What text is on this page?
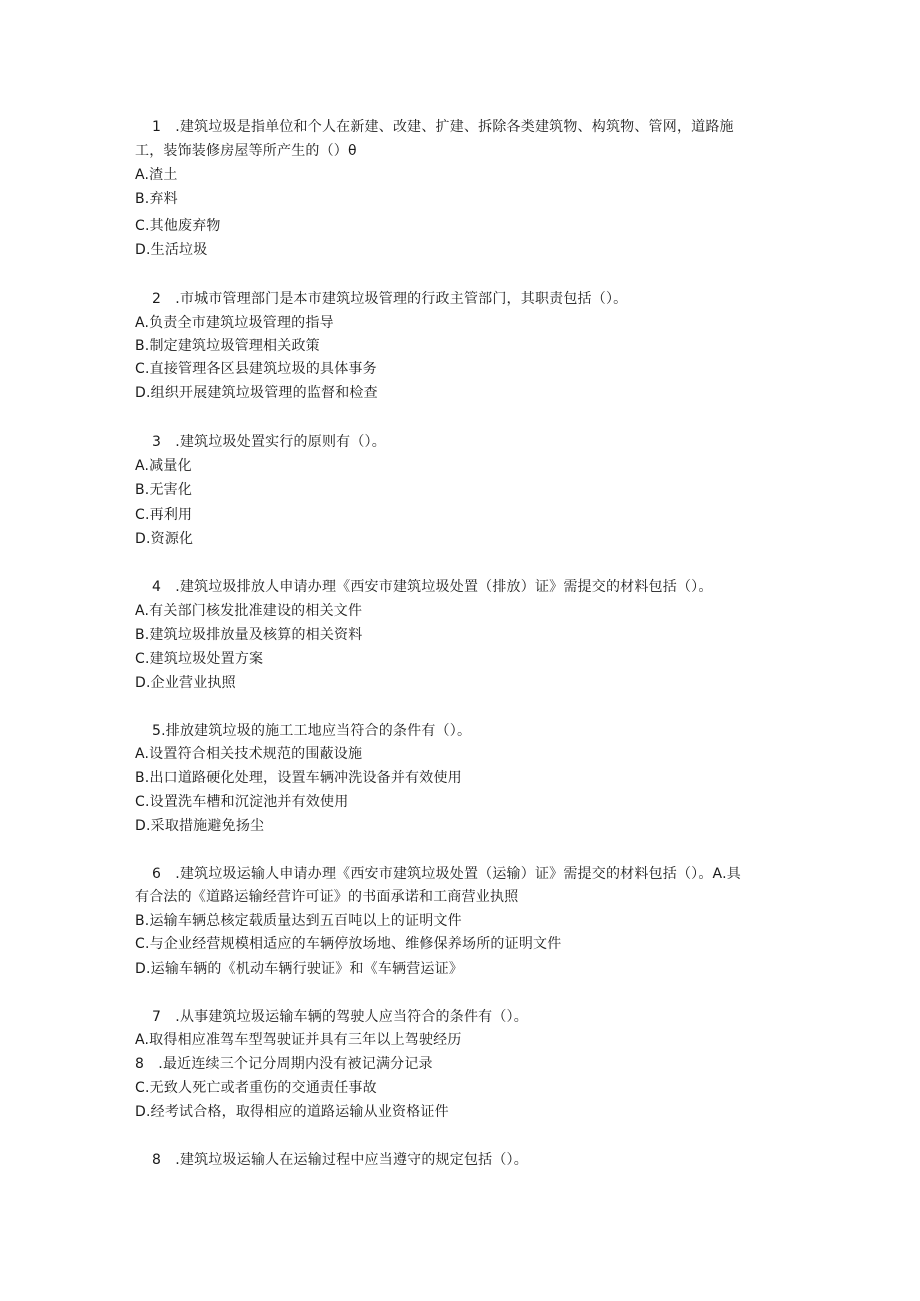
1　.建筑垃圾是指单位和个人在新建、改建、扩建、拆除各类建筑物、构筑物、管网，道路施
工，装饰装修房屋等所产生的（）θ
A.渣土
B.弃料
C.其他废弃物
D.生活垃圾
2　.市城市管理部门是本市建筑垃圾管理的行政主管部门，其职责包括（）。
A.负责全市建筑垃圾管理的指导
B.制定建筑垃圾管理相关政策
C.直接管理各区县建筑垃圾的具体事务
D.组织开展建筑垃圾管理的监督和检查
3　.建筑垃圾处置实行的原则有（）。
A.减量化
B.无害化
C.再利用
D.资源化
4　.建筑垃圾排放人申请办理《西安市建筑垃圾处置（排放）证》需提交的材料包括（）。
A.有关部门核发批准建设的相关文件
B.建筑垃圾排放量及核算的相关资料
C.建筑垃圾处置方案
D.企业营业执照
5.排放建筑垃圾的施工工地应当符合的条件有（）。
A.设置符合相关技术规范的围蔽设施
B.出口道路硬化处理，设置车辆冲洗设备并有效使用
C.设置洗车槽和沉淀池并有效使用
D.采取措施避免扬尘
6　.建筑垃圾运输人申请办理《西安市建筑垃圾处置（运输）证》需提交的材料包括（）。A.具
有合法的《道路运输经营许可证》的书面承诺和工商营业执照
B.运输车辆总核定载质量达到五百吨以上的证明文件
C.与企业经营规模相适应的车辆停放场地、维修保养场所的证明文件
D.运输车辆的《机动车辆行驶证》和《车辆营运证》
7　.从事建筑垃圾运输车辆的驾驶人应当符合的条件有（）。
A.取得相应准驾车型驾驶证并具有三年以上驾驶经历
8　.最近连续三个记分周期内没有被记满分记录
C.无致人死亡或者重伤的交通责任事故
D.经考试合格，取得相应的道路运输从业资格证件
8　.建筑垃圾运输人在运输过程中应当遵守的规定包括（）。
